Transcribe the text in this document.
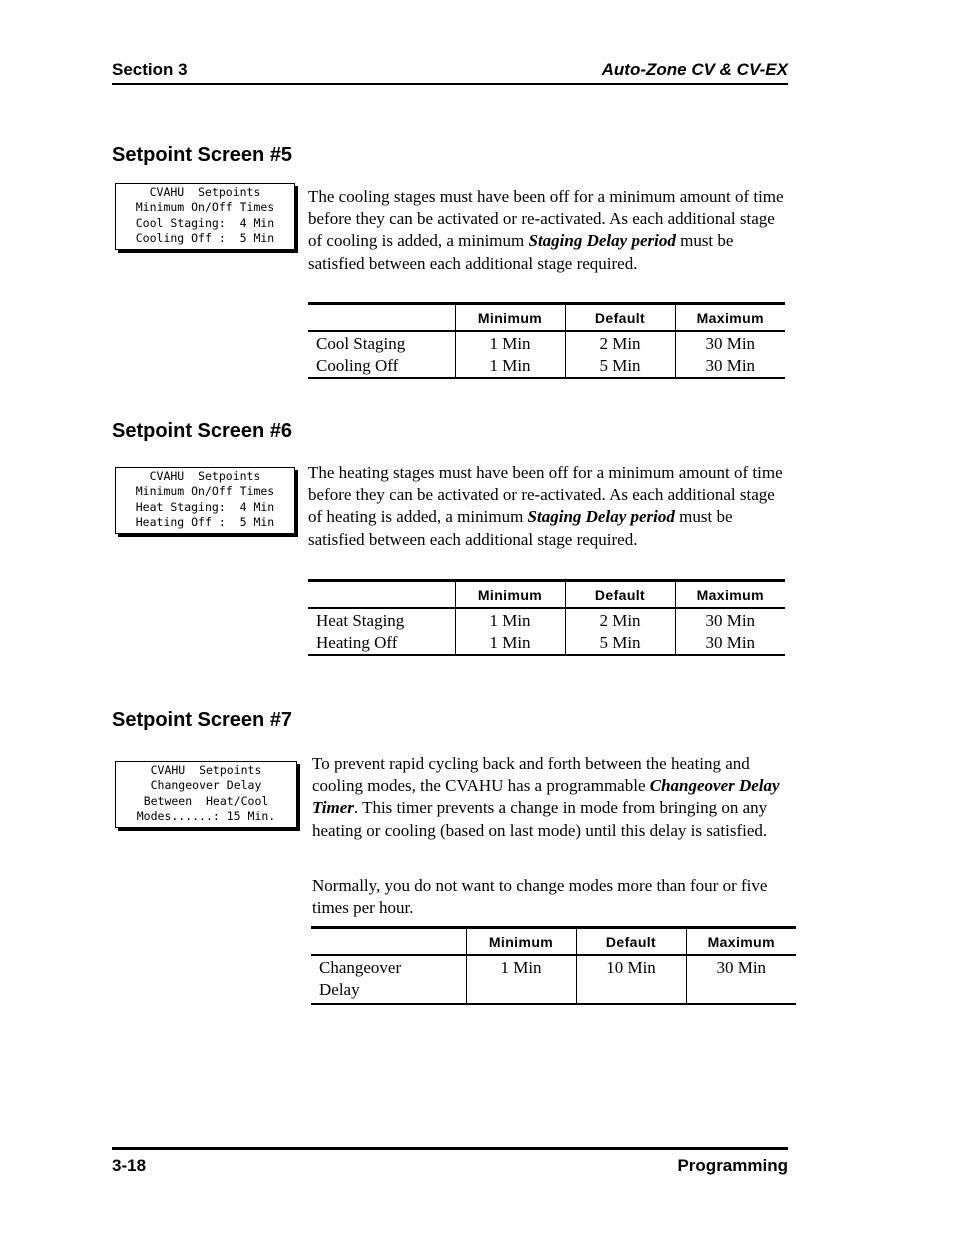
Section 3	Auto-Zone CV & CV-EX
Setpoint Screen #5
CVAHU  Setpoints
Minimum On/Off Times
Cool Staging:  4 Min
Cooling Off :  5 Min

The cooling stages must have been off for a minimum amount of time before they can be activated or re-activated. As each additional stage of cooling is added, a minimum Staging Delay period must be satisfied between each additional stage required.

	Minimum	Default	Maximum
Cool Staging	1 Min	2 Min	30 Min
Cooling Off	1 Min	5 Min	30 Min
Setpoint Screen #6
CVAHU  Setpoints
Minimum On/Off Times
Heat Staging:  4 Min
Heating Off :  5 Min

The heating stages must have been off for a minimum amount of time before they can be activated or re-activated. As each additional stage of heating is added, a minimum Staging Delay period must be satisfied between each additional stage required.

	Minimum	Default	Maximum
Heat Staging	1 Min	2 Min	30 Min
Heating Off	1 Min	5 Min	30 Min
Setpoint Screen #7
CVAHU  Setpoints
Changeover Delay
Between  Heat/Cool
Modes......: 15 Min.

To prevent rapid cycling back and forth between the heating and cooling modes, the CVAHU has a programmable Changeover Delay Timer. This timer prevents a change in mode from bringing on any heating or cooling (based on last mode) until this delay is satisfied.

Normally, you do not want to change modes more than four or five times per hour.

	Minimum	Default	Maximum

Changeover Delay	1 Min	10 Min	30 Min
3-18	Programming
